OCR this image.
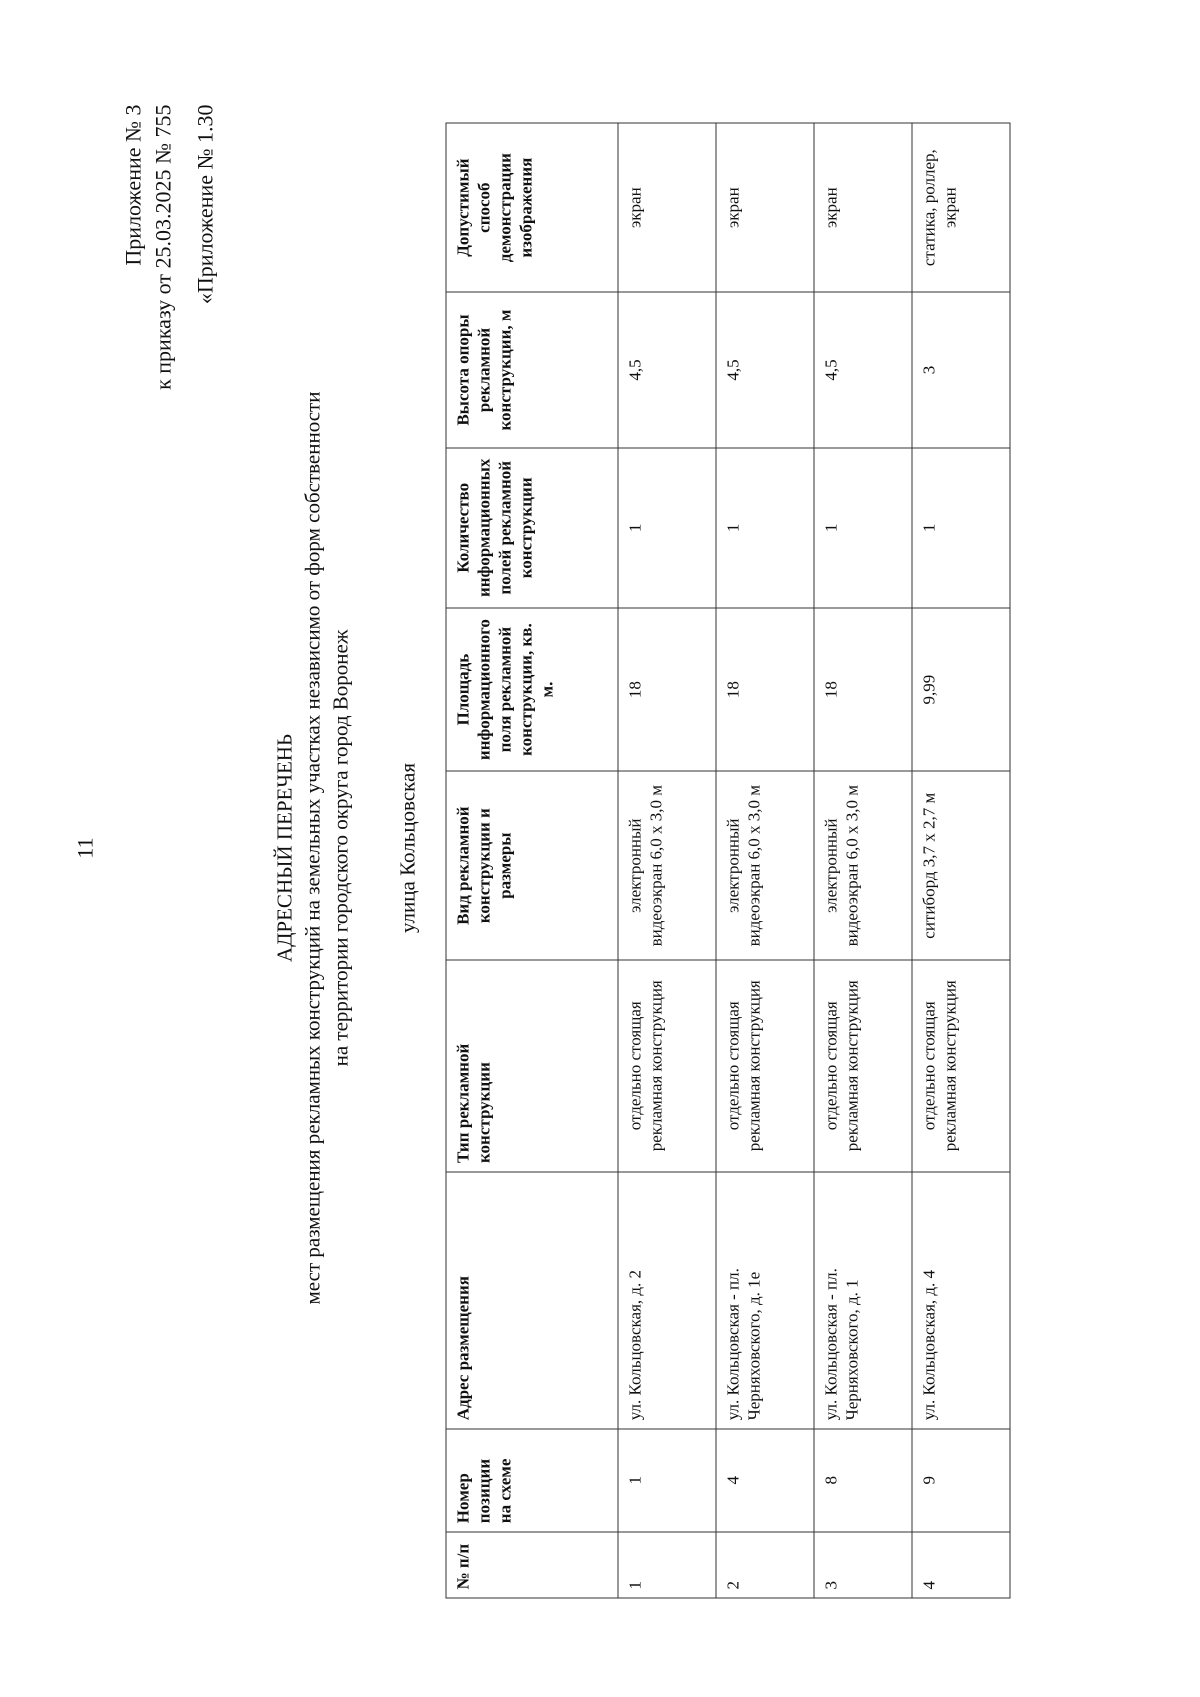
11
Приложение № 3 к приказу от 25.03.2025 № 755 «Приложение № 1.30
АДРЕСНЫЙ ПЕРЕЧЕНЬ мест размещения рекламных конструкций на земельных участках независимо от форм собственности на территории городского округа город Воронеж улица Кольцовская
№ п/п	Номер позиции на схеме	Адрес размещения	Тип рекламной конструкции	Вид рекламной конструкции и размеры	Площадь информационного поля рекламной конструкции, кв. м.	Количество информационных полей рекламной конструкции	Высота опоры рекламной конструкции, м	Допустимый способ демонстрации изображения
1	1	ул. Кольцовская, д. 2	отдельно стоящая рекламная конструкция	электронный видеоэкран 6,0 х 3,0 м	18	1	4,5	экран
2	4	ул. Кольцовская - пл. Черняховского, д. 1е	отдельно стоящая рекламная конструкция	электронный видеоэкран 6,0 х 3,0 м	18	1	4,5	экран
3	8	ул. Кольцовская - пл. Черняховского, д. 1	отдельно стоящая рекламная конструкция	электронный видеоэкран 6,0 х 3,0 м	18	1	4,5	экран
4	9	ул. Кольцовская, д. 4	отдельно стоящая рекламная конструкция	ситиборд 3,7 х 2,7 м	9,99	1	3	статика, роллер, экран
